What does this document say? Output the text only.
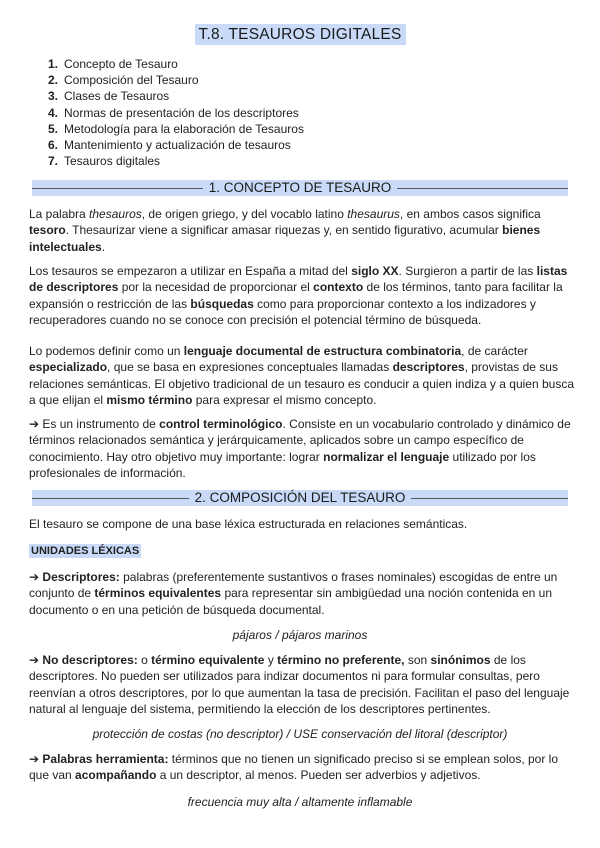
T.8. TESAUROS DIGITALES
1. Concepto de Tesauro
2. Composición del Tesauro
3. Clases de Tesauros
4. Normas de presentación de los descriptores
5. Metodología para la elaboración de Tesauros
6. Mantenimiento y actualización de tesauros
7. Tesauros digitales
1. CONCEPTO DE TESAURO

La palabra thesauros, de origen griego, y del vocablo latino thesaurus, en ambos casos significa tesoro. Thesaurizar viene a significar amasar riquezas y, en sentido figurativo, acumular bienes intelectuales.

Los tesauros se empezaron a utilizar en España a mitad del siglo XX. Surgieron a partir de las listas de descriptores por la necesidad de proporcionar el contexto de los términos, tanto para facilitar la expansión o restricción de las búsquedas como para proporcionar contexto a los indizadores y recuperadores cuando no se conoce con precisión el potencial término de búsqueda.

Lo podemos definir como un lenguaje documental de estructura combinatoria, de carácter especializado, que se basa en expresiones conceptuales llamadas descriptores, provistas de sus relaciones semánticas. El objetivo tradicional de un tesauro es conducir a quien indiza y a quien busca a que elijan el mismo término para expresar el mismo concepto.

➔ Es un instrumento de control terminológico. Consiste en un vocabulario controlado y dinámico de términos relacionados semántica y jerárquicamente, aplicados sobre un campo específico de conocimiento. Hay otro objetivo muy importante: lograr normalizar el lenguaje utilizado por los profesionales de información.

2. COMPOSICIÓN DEL TESAURO

El tesauro se compone de una base léxica estructurada en relaciones semánticas.

UNIDADES LÉXICAS

➔ Descriptores: palabras (preferentemente sustantivos o frases nominales) escogidas de entre un conjunto de términos equivalentes para representar sin ambigüedad una noción contenida en un documento o en una petición de búsqueda documental.

pájaros / pájaros marinos

➔ No descriptores: o término equivalente y término no preferente, son sinónimos de los descriptores. No pueden ser utilizados para indizar documentos ni para formular consultas, pero reenvían a otros descriptores, por lo que aumentan la tasa de precisión. Facilitan el paso del lenguaje natural al lenguaje del sistema, permitiendo la elección de los descriptores pertinentes.

protección de costas (no descriptor) / USE conservación del litoral (descriptor)

➔ Palabras herramienta: términos que no tienen un significado preciso si se emplean solos, por lo que van acompañando a un descriptor, al menos. Pueden ser adverbios y adjetivos.

frecuencia muy alta / altamente inflamable
